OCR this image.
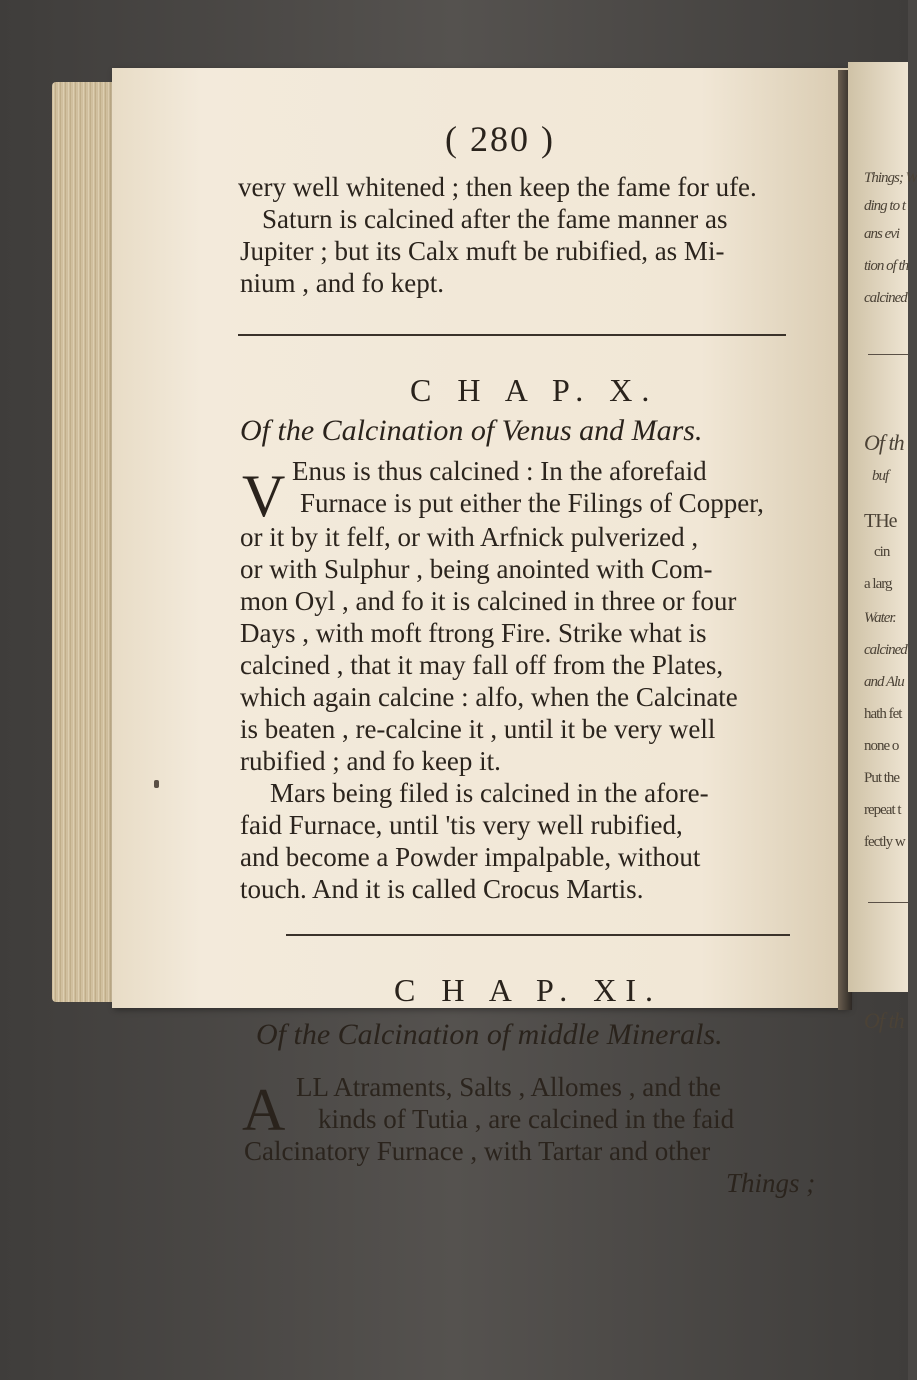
Things; W
ding to t
ans evi
tion of th
calcined
Of th
buf
THe
cin
a larg
Water.
calcined
and Alu
hath fet
none o
Put the
repeat t
fectly w
Of th
( 280 )
very well whitened ; then keep the fame for ufe.
Saturn is calcined after the fame manner as
Jupiter ; but its Calx muft be rubified, as Mi-
nium , and fo kept.
C H A P. X.
Of the Calcination of Venus and Mars.
V Enus is thus calcined : In the aforefaid
Furnace is put either the Filings of Copper,
or it by it felf, or with Arfnick pulverized ,
or with Sulphur , being anointed with Com-
mon Oyl , and fo it is calcined in three or four
Days , with moft ftrong Fire. Strike what is
calcined , that it may fall off from the Plates,
which again calcine : alfo, when the Calcinate
is beaten , re-calcine it , until it be very well
rubified ; and fo keep it.
Mars being filed is calcined in the afore-
faid Furnace, until 'tis very well rubified,
and become a Powder impalpable, without
touch. And it is called Crocus Martis.
C H A P. XI.
Of the Calcination of middle Minerals.
A LL Atraments, Salts , Allomes , and the
kinds of Tutia , are calcined in the faid
Calcinatory Furnace , with Tartar and other
Things ;
